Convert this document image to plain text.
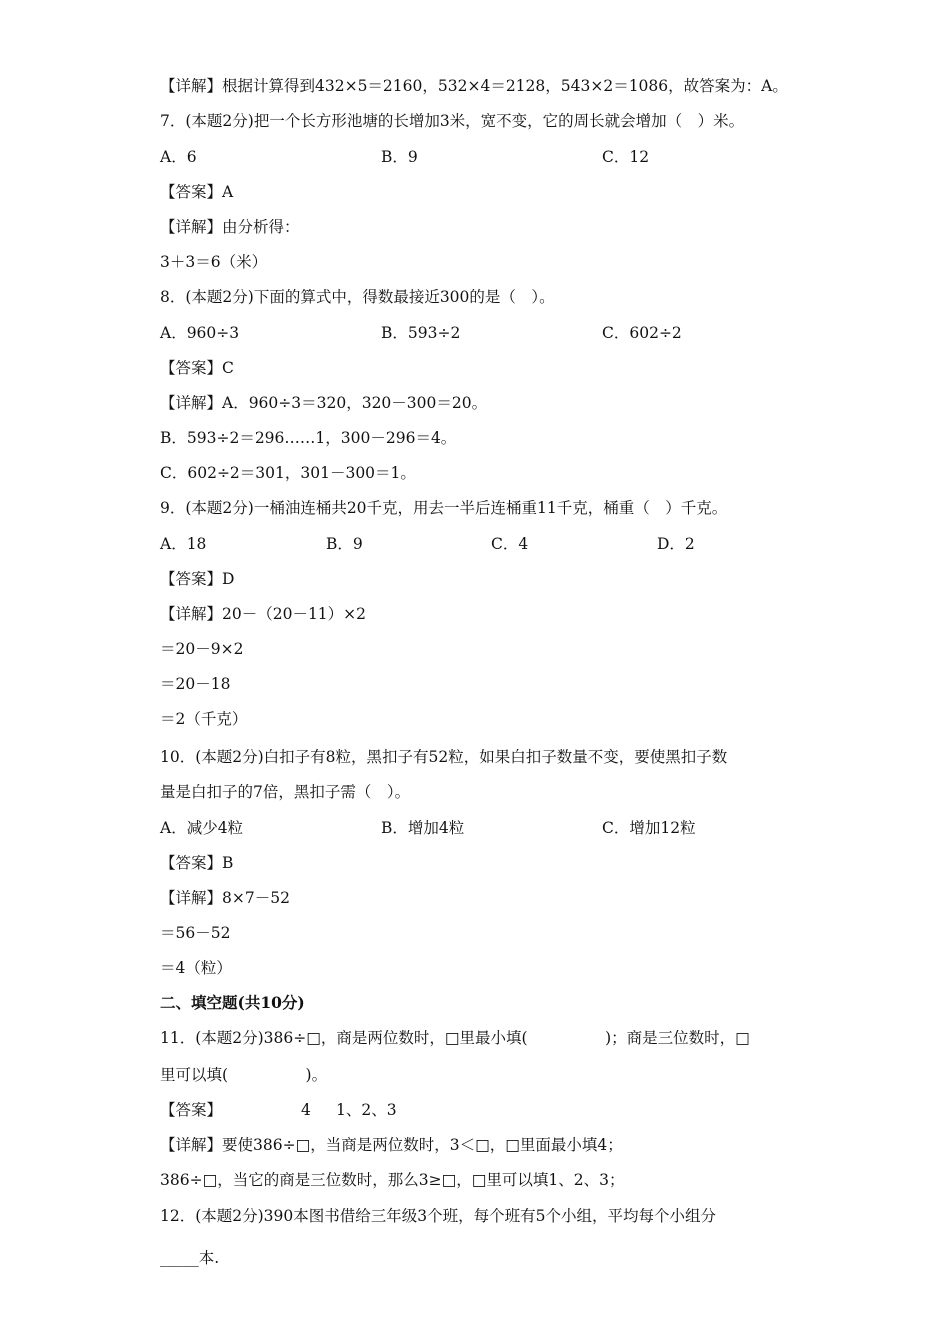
【详解】根据计算得到432×5＝2160，532×4＝2128，543×2＝1086，故答案为：A。
7．(本题2分)把一个长方形池塘的长增加3米，宽不变，它的周长就会增加（　）米。
A．6	B．9	C．12
【答案】A
【详解】由分析得：
3＋3＝6（米）
8．(本题2分)下面的算式中，得数最接近300的是（　）。
A．960÷3	B．593÷2	C．602÷2
【答案】C
【详解】A．960÷3＝320，320－300＝20。
B．593÷2＝296……1，300－296＝4。
C．602÷2＝301，301－300＝1。
9．(本题2分)一桶油连桶共20千克，用去一半后连桶重11千克，桶重（　）千克。
A．18	B．9	C．4	D．2
【答案】D
【详解】20－（20－11）×2
＝20－9×2
＝20－18
＝2（千克）
10．(本题2分)白扣子有8粒，黑扣子有52粒，如果白扣子数量不变，要使黑扣子数
量是白扣子的7倍，黑扣子需（　）。
A．减少4粒	B．增加4粒	C．增加12粒
【答案】B
【详解】8×7－52
＝56－52
＝4（粒）
二、填空题(共10分)
11．(本题2分)386÷□，商是两位数时，□里最小填(　　　　　)；商是三位数时，□
里可以填(　　　　　)。
【答案】	4 1、2、3
【详解】要使386÷□，当商是两位数时，3＜□，□里面最小填4；
386÷□，当它的商是三位数时，那么3≥□，□里可以填1、2、3；
12．(本题2分)390本图书借给三年级3个班，每个班有5个小组，平均每个小组分
_____本.
